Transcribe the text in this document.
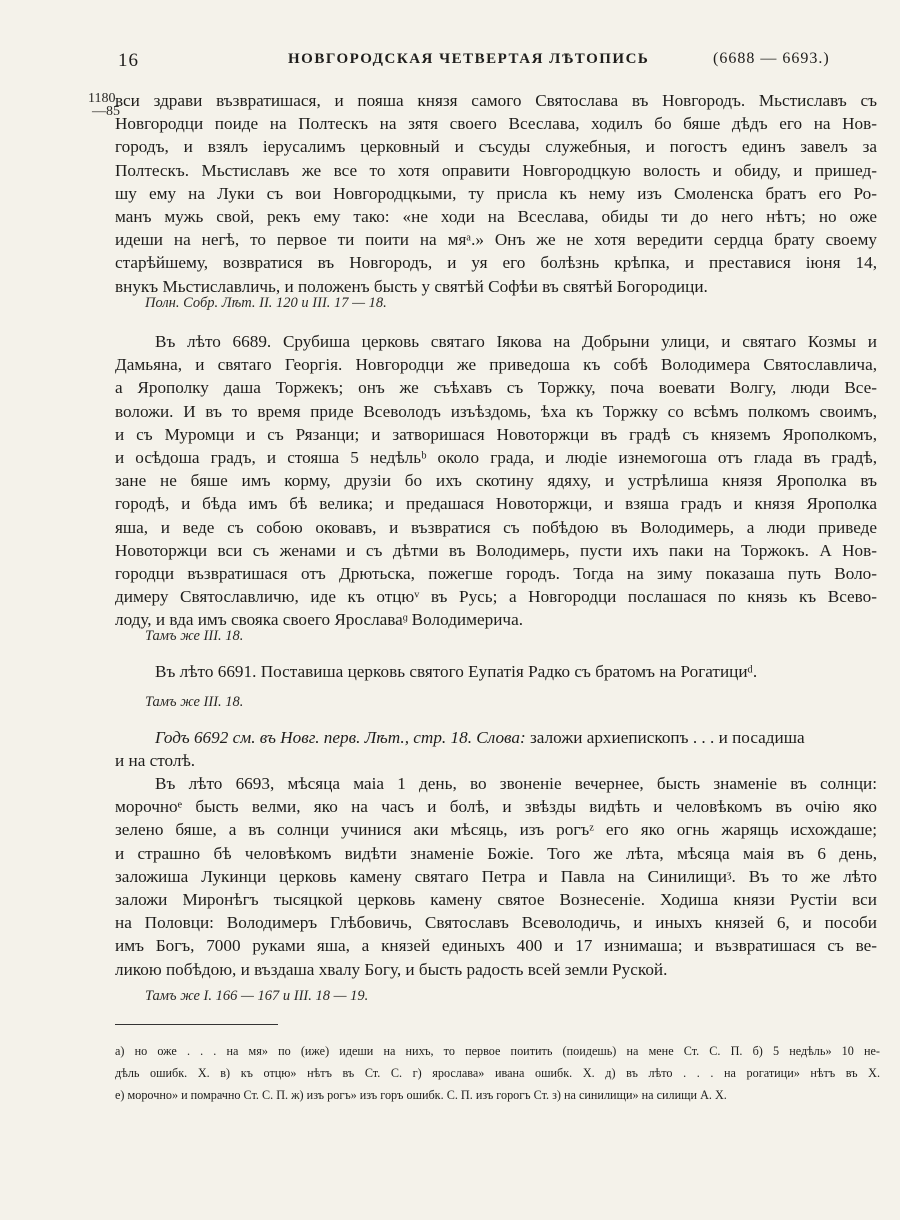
16	НОВГОРОДСКАЯ ЧЕТВЕРТАЯ ЛѢТОПИСЬ	(6688 — 6693.)
1180
—85
вси здрави възвратишася, и пояша князя самого Святослава въ Новгородъ. Мьстиславъ съ
Новгородци поиде на Полтескъ на зятя своего Всеслава, ходилъ бо бяше дѣдъ его на Нов-
городъ, и взялъ іерусалимъ церковный и съсуды служебныя, и погостъ единъ завелъ за
Полтескъ. Мьстиславъ же все то хотя оправити Новгородцкую волость и обиду, и пришед-
шу ему на Луки съ вои Новгородцкыми, ту присла къ нему изъ Смоленска братъ его Ро-
манъ мужь свой, рекъ ему тако: «не ходи на Всеслава, обиды ти до него нѣтъ; но оже
идеши на негѣ, то первое ти поити на мяᵃ.» Онъ же не хотя вередити сердца брату своему
старѣйшему, возвратися въ Новгородъ, и уя его болѣзнь крѣпка, и преставися іюня 14,
внукъ Мьстиславличь, и положенъ бысть у святѣй Софѣи въ святѣй Богородици.
Полн. Собр. Лѣт. II. 120 и III. 17 — 18.
Въ лѣто 6689. Срубиша церковь святаго Іякова на Добрыни улици, и святаго Козмы и
Дамьяна, и святаго Георгія. Новгородци же приведоша къ собѣ Володимера Святославлича,
а Ярополку даша Торжекъ; онъ же съѣхавъ съ Торжку, поча воевати Волгу, люди Все-
воложи. И въ то время приде Всеволодъ изъѣздомь, ѣха къ Торжку со всѣмъ полкомъ своимъ,
и съ Муромци и съ Рязанци; и затворишася Новоторжци въ градѣ съ княземъ Ярополкомъ,
и осѣдоша градъ, и стояша 5 недѣльᵇ около града, и людіе изнемогоша отъ глада въ градѣ,
зане не бяше имъ корму, друзіи бо ихъ скотину ядяху, и устрѣлиша князя Ярополка въ
городѣ, и бѣда имъ бѣ велика; и предашася Новоторжци, и взяша градъ и князя Ярополка
яша, и веде съ собою оковавъ, и възвратися съ побѣдою въ Володимерь, а люди приведе
Новоторжци вси съ женами и съ дѣтми въ Володимерь, пусти ихъ паки на Торжокъ. А Нов-
городци възвратишася отъ Дрютьска, пожегше городъ. Тогда на зиму показаша путь Воло-
димеру Святославличю, иде къ отцюᵛ въ Русь; а Новгородци послашася по князь къ Всево-
лоду, и вда имъ свояка своего Ярославаᶢ Володимерича.
Тамъ же III. 18.
Въ лѣто 6691. Поставиша церковь святого Еупатія Радко съ братомъ на Рогатициᵈ.
Тамъ же III. 18.
Годъ 6692 см. въ Новг. перв. Лѣт., стр. 18. Слова: заложи архиепископъ . . . и посадиша
и на столѣ.
Въ лѣто 6693, мѣсяца маіа 1 день, во звоненіе вечернее, бысть знаменіе въ солнци:
морочноᵉ бысть велми, яко на часъ и болѣ, и звѣзды видѣть и человѣкомъ въ очію яко
зелено бяше, а въ солнци учинися аки мѣсяць, изъ рогъᶻ его яко огнь жарящь исхождаше;
и страшно бѣ человѣкомъ видѣти знаменіе Божіе. Того же лѣта, мѣсяца маія въ 6 день,
заложиша Лукинци церковь камену святаго Петра и Павла на Синилищиᶾ. Въ то же лѣто
заложи Миронѣгъ тысяцкой церковь камену святое Вознесеніе. Ходиша князи Рустіи вси
на Половци: Володимеръ Глѣбовичь, Святославъ Всеволодичь, и иныхъ князей 6, и пособи
имъ Богъ, 7000 руками яша, а князей единыхъ 400 и 17 изнимаша; и възвратишася съ ве-
ликою побѣдою, и въздаша хвалу Богу, и бысть радость всей земли Руской.
Тамъ же I. 166 — 167 и III. 18 — 19.
а) но оже . . . на мя» по (иже) идеши на нихъ, то первое поитить (поидешь) на мене Ст. С. П. б) 5 недѣль» 10 не-
дѣль ошибк. Х. в) къ отцю» нѣтъ въ Ст. С. г) ярослава» ивана ошибк. Х. д) въ лѣто . . . на рогатици» нѣтъ въ Х.
е) морочно» и помрачно Ст. С. П. ж) изъ рогъ» изъ горъ ошибк. С. П. изъ горогъ Ст. з) на синилищи» на силищи А. Х.
